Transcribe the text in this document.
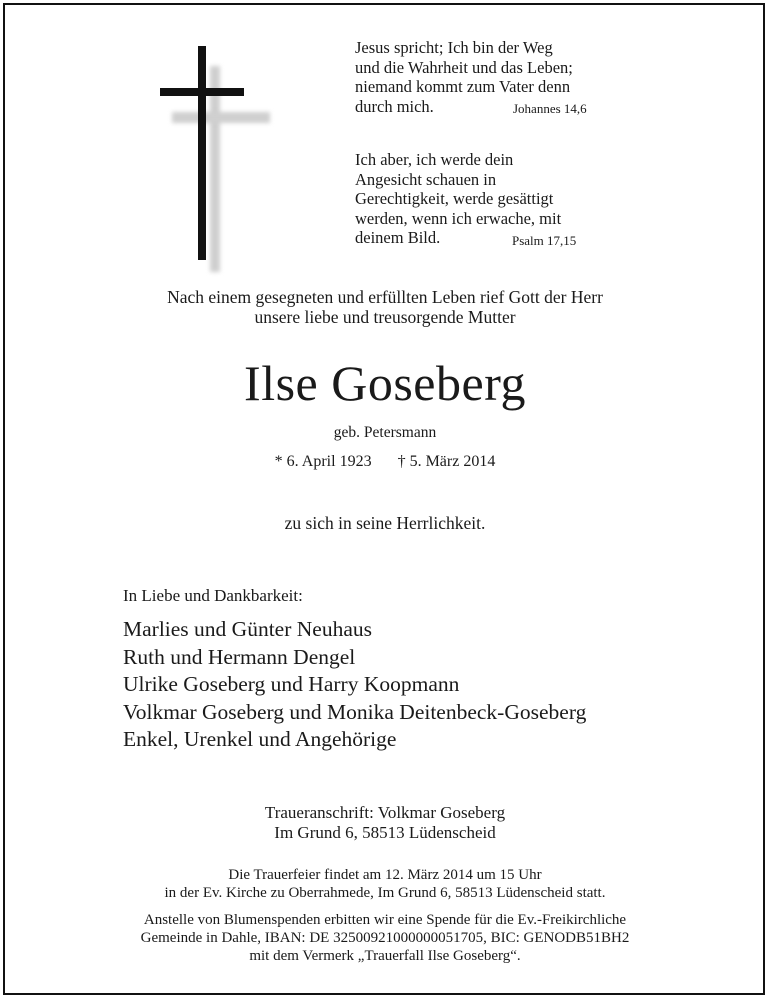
Jesus spricht; Ich bin der Weg
und die Wahrheit und das Leben;
niemand kommt zum Vater denn
durch mich.	Johannes 14,6
Ich aber, ich werde dein
Angesicht schauen in
Gerechtigkeit, werde gesättigt
werden, wenn ich erwache, mit
deinem Bild.	Psalm 17,15
Nach einem gesegneten und erfüllten Leben rief Gott der Herr
unsere liebe und treusorgende Mutter
Ilse Goseberg
geb. Petersmann
* 6. April 1923 † 5. März 2014
zu sich in seine Herrlichkeit.
In Liebe und Dankbarkeit:
Marlies und Günter Neuhaus
Ruth und Hermann Dengel
Ulrike Goseberg und Harry Koopmann
Volkmar Goseberg und Monika Deitenbeck-Goseberg
Enkel, Urenkel und Angehörige
Traueranschrift: Volkmar Goseberg
Im Grund 6, 58513 Lüdenscheid
Die Trauerfeier findet am 12. März 2014 um 15 Uhr
in der Ev. Kirche zu Oberrahmede, Im Grund 6, 58513 Lüdenscheid statt.
Anstelle von Blumenspenden erbitten wir eine Spende für die Ev.-Freikirchliche
Gemeinde in Dahle, IBAN: DE 32500921000000051705, BIC: GENODB51BH2
mit dem Vermerk „Trauerfall Ilse Goseberg“.
